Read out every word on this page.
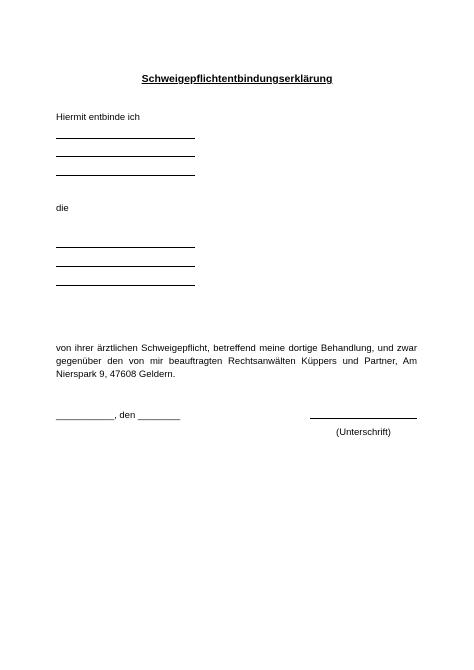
Schweigepflichtentbindungserklärung
Hiermit entbinde ich
die
von ihrer ärztlichen Schweigepflicht, betreffend meine dortige Behandlung, und zwar gegenüber den von mir beauftragten Rechtsanwälten Küppers und Partner, Am Nierspark 9, 47608 Geldern.
___________, den ________
(Unterschrift)
